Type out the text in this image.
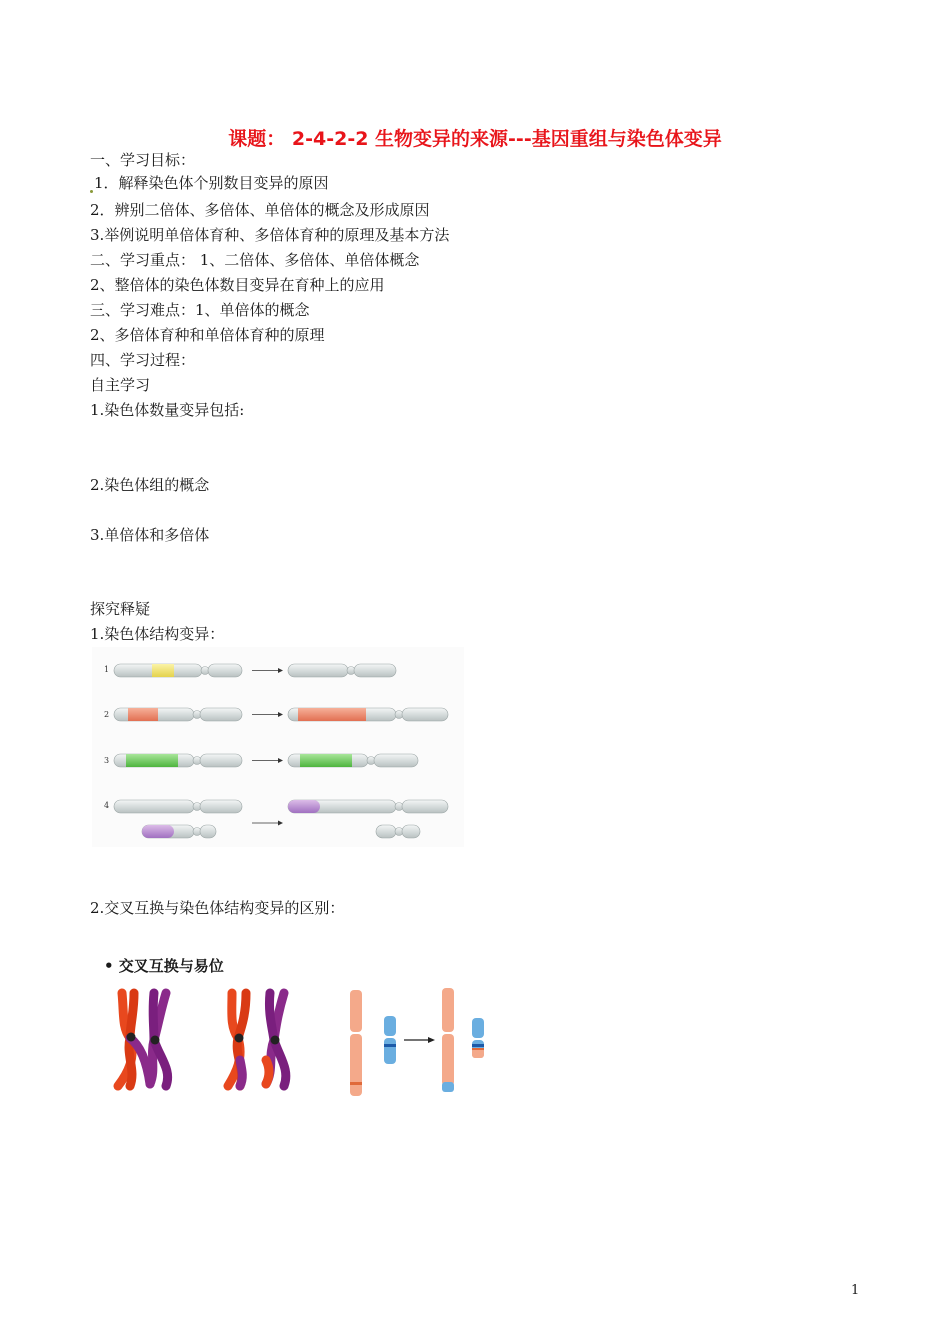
课题： 2-4-2-2 生物变异的来源---基因重组与染色体变异
一、学习目标：
1．解释染色体个别数目变异的原因
2．辨别二倍体、多倍体、单倍体的概念及形成原因
3.举例说明单倍体育种、多倍体育种的原理及基本方法
二、学习重点： 1、二倍体、多倍体、单倍体概念
2、整倍体的染色体数目变异在育种上的应用
三、学习难点：1、单倍体的概念
2、多倍体育种和单倍体育种的原理
四、学习过程：
自主学习
1.染色体数量变异包括:
2.染色体组的概念
3.单倍体和多倍体
探究释疑
1.染色体结构变异：
1
2
3
4
2.交叉互换与染色体结构变异的区别：
• 交叉互换与易位
1
